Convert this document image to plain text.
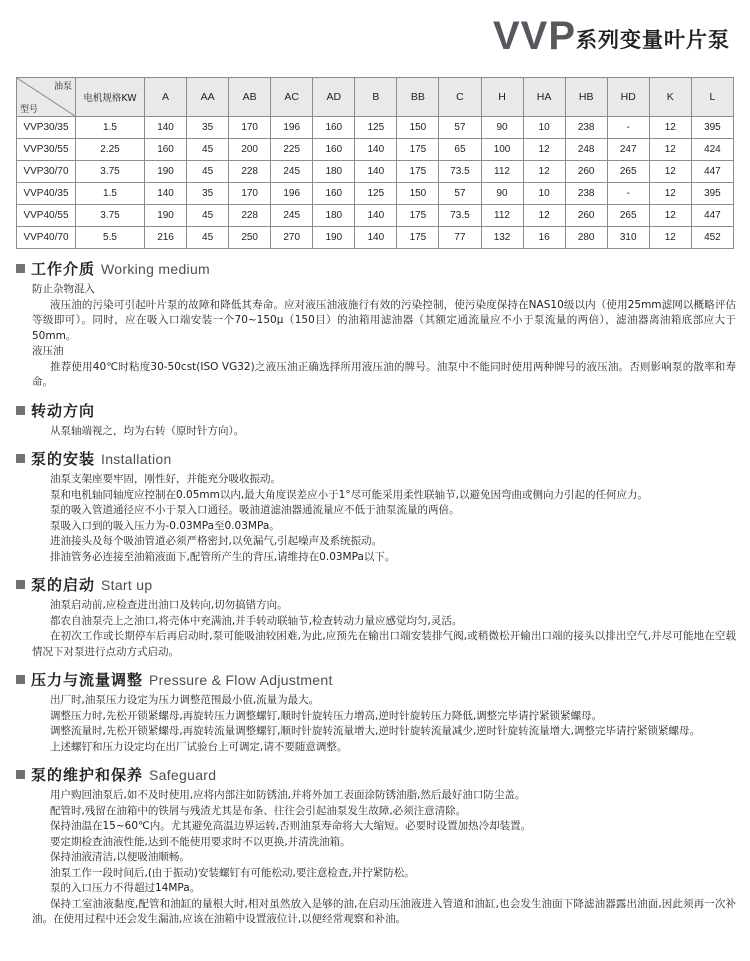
VVP系列变量叶片泵
油泵
型号	电机规格KW	A	AA	AB	AC	AD	B	BB	C	H	HA	HB	HD	K	L
VVP30/35	1.5	140	35	170	196	160	125	150	57	90	10	238	-	12	395
VVP30/55	2.25	160	45	200	225	160	140	175	65	100	12	248	247	12	424
VVP30/70	3.75	190	45	228	245	180	140	175	73.5	112	12	260	265	12	447
VVP40/35	1.5	140	35	170	196	160	125	150	57	90	10	238	-	12	395
VVP40/55	3.75	190	45	228	245	180	140	175	73.5	112	12	260	265	12	447
VVP40/70	5.5	216	45	250	270	190	140	175	77	132	16	280	310	12	452
工作介质 Working medium

防止杂物混入

液压油的污染可引起叶片泵的故障和降低其寿命。应对液压油液施行有效的污染控制，使污染度保持在NAS10级以内（使用25mm滤网以概略评估等级即可）。同时，应在吸入口端安装一个70~150μ（150目）的油箱用滤油器（其额定通流量应不小于泵流量的两倍），滤油器离油箱底部应大于50mm。

液压油

推荐使用40℃时粘度30-50cst(ISO VG32)之液压油正确选择所用液压油的牌号。油泵中不能同时使用两种牌号的液压油。否则影响泵的散率和寿命。

转动方向

从泵轴端视之，均为右转（原时针方向）。

泵的安装 Installation

油泵支架座要牢固，刚性好，并能充分吸收振动。

泵和电机轴同轴度应控制在0.05mm以内,最大角度误差应小于1°尽可能采用柔性联轴节,以避免因弯曲或侧向力引起的任何应力。

泵的吸入管道通径应不小于泵入口通径。吸油道滤油器通流量应不低于油泵流量的两倍。

泵吸入口到的吸入压力为-0.03MPa至0.03MPa。

进油接头及每个吸油管道必须严格密封,以免漏气,引起噪声及系统振动。

排油管务必连接至油箱液面下,配管所产生的背压,请维持在0.03MPa以下。

泵的启动 Start up

油泵启动前,应检查进出油口及转向,切勿搞错方向。

都农自油泵壳上之油口,将壳体中充满油,并手转动联轴节,检查转动力量应感觉均匀,灵活。

在初次工作或长期停车后再启动时,泵可能吸油较困难,为此,应预先在输出口端安装排气阀,或稍微松开输出口端的接头以排出空气,并尽可能地在空载情况下对泵进行点动方式启动。

压力与流量调整 Pressure & Flow Adjustment

出厂时,油泵压力设定为压力调整范围最小值,流量为最大。

调整压力时,先松开锁紧螺母,再旋转压力调整螺钉,顺时针旋转压力增高,逆时针旋转压力降低,调整完毕请拧紧锁紧螺母。

调整流量时,先松开锁紧螺母,再旋转流量调整螺钉,顺时针旋转流量增大,逆时针旋转流量减少,逆时针旋转流量增大,调整完毕请拧紧锁紧螺母。

上述螺钉和压力设定均在出厂试验台上可调定,请不要随意调整。

泵的维护和保养 Safeguard

用户购回油泵后,如不及时使用,应将内部注如防锈油,并将外加工表面涂防锈油脂,然后最好油口防尘盖。

配管时,残留在油箱中的铁屑与残渣尤其是布条、往往会引起油泵发生故障,必须注意清除。

保持油温在15~60℃内。尤其避免高温边界运转,否则油泵寿命将大大缩短。必要时设置加热冷却装置。

要定期检查油液性能,达到不能使用要求时不以更换,并清洗油箱。

保持油液清洁,以便吸油顺畅。

油泵工作一段时间后,(由于振动)安装螺钉有可能松动,要注意检查,并拧紧防松。

泵的入口压力不得超过14MPa。

保持工室油液黏度,配管和油缸的量根大时,相对虽然放入是够的油,在启动压油液进入管道和油缸,也会发生油面下降滤油器露出油面,因此须再一次补油。在使用过程中还会发生漏油,应该在油箱中设置液位计,以便经常观察和补油。
